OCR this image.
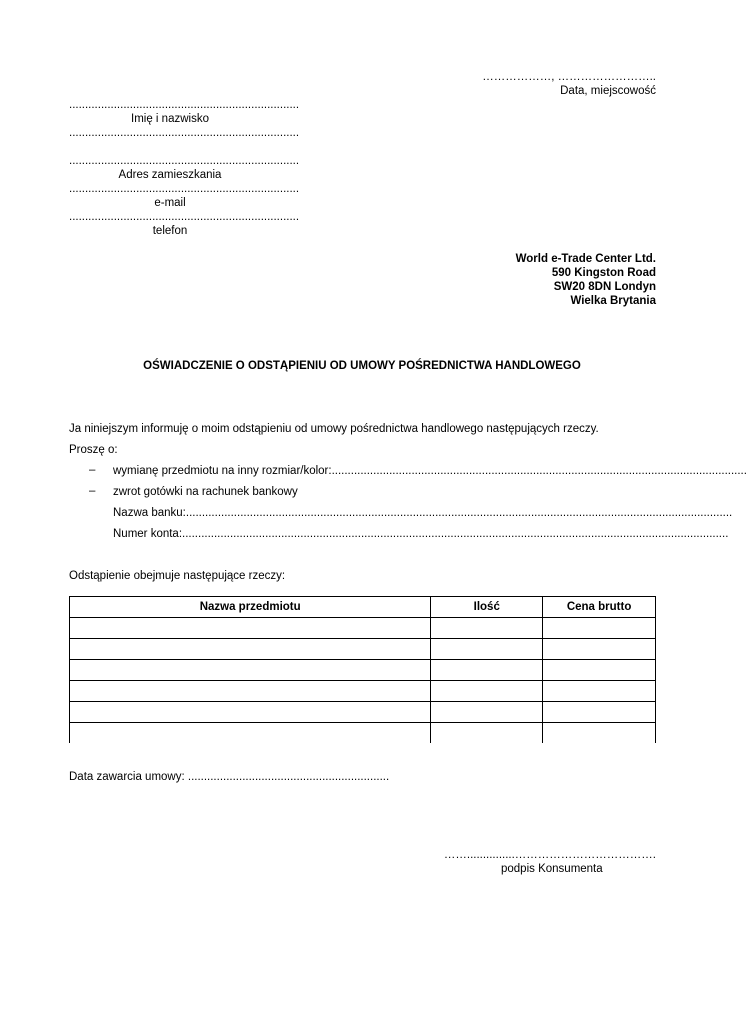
………………, ……………………..
Data, miejscowość
........................................................................
Imię i nazwisko
........................................................................
........................................................................
Adres zamieszkania
........................................................................
e-mail
........................................................................
telefon
World e-Trade Center Ltd.
590 Kingston Road
SW20 8DN Londyn
Wielka Brytania
OŚWIADCZENIE O ODSTĄPIENIU OD UMOWY POŚREDNICTWA HANDLOWEGO
Ja niniejszym informuję o moim odstąpieniu od umowy pośrednictwa handlowego następujących rzeczy.
Proszę o:
– wymianę przedmiotu na inny rozmiar/kolor:..................................................................................................................................
– zwrot gotówki na rachunek bankowy
Nazwa banku:...........................................................................................................................................................................
Numer konta:...........................................................................................................................................................................
Odstąpienie obejmuje następujące rzeczy:
Nazwa przedmiotu	Ilość	Cena brutto

Data zawarcia umowy: ...............................................................
……...............……………………………….
podpis Konsumenta
